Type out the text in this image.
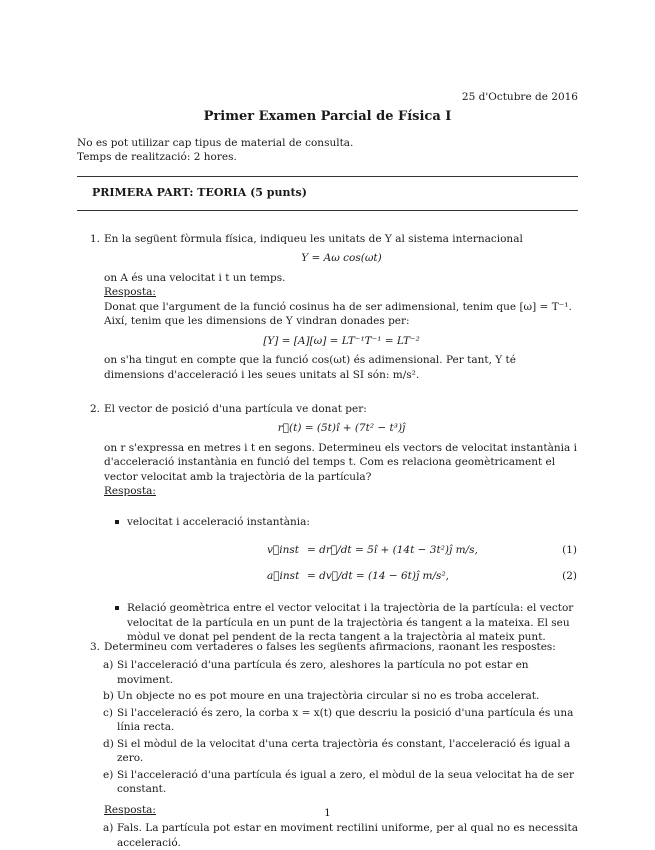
25 d'Octubre de 2016
Primer Examen Parcial de Física I
No es pot utilizar cap tipus de material de consulta.
Temps de realització: 2 hores.
PRIMERA PART: TEORIA (5 punts)
1. En la següent fòrmula física, indiqueu les unitats de Y al sistema internacional
Y = Aω cos(ωt)
on A és una velocitat i t un temps.
Resposta:
Donat que l'argument de la funció cosinus ha de ser adimensional, tenim que [ω] = T⁻¹. Així, tenim que les dimensions de Y vindran donades per:
[Y] = [A][ω] = LT⁻¹T⁻¹ = LT⁻²
on s'ha tingut en compte que la funció cos(ωt) és adimensional. Per tant, Y té dimensions d'acceleració i les seues unitats al SI són: m/s².
2. El vector de posició d'una partícula ve donat per:
r⃗(t) = (5t)î + (7t² − t³)ĵ
on r s'expressa en metres i t en segons. Determineu els vectors de velocitat instantània i d'acceleració instantània en funció del temps t. Com es relaciona geomètricament el vector velocitat amb la trajectòria de la partícula?
Resposta:
velocitat i acceleració instantània:
v⃗inst = dr⃗/dt = 5î + (14t − 3t²)ĵ m/s,	(1)
a⃗inst = dv⃗/dt = (14 − 6t)ĵ m/s²,	(2)
Relació geomètrica entre el vector velocitat i la trajectòria de la partícula: el vector velocitat de la partícula en un punt de la trajectòria és tangent a la mateixa. El seu mòdul ve donat pel pendent de la recta tangent a la trajectòria al mateix punt.
3. Determineu com vertaderes o falses les següents afirmacions, raonant les respostes:
a) Si l'acceleració d'una partícula és zero, aleshores la partícula no pot estar en moviment.
b) Un objecte no es pot moure en una trajectòria circular si no es troba accelerat.
c) Si l'acceleració és zero, la corba x = x(t) que descriu la posició d'una partícula és una línia recta.
d) Si el mòdul de la velocitat d'una certa trajectòria és constant, l'acceleració és igual a zero.
e) Si l'acceleració d'una partícula és igual a zero, el mòdul de la seua velocitat ha de ser constant.
Resposta:
a) Fals. La partícula pot estar en moviment rectilini uniforme, per al qual no es necessita acceleració.
1
